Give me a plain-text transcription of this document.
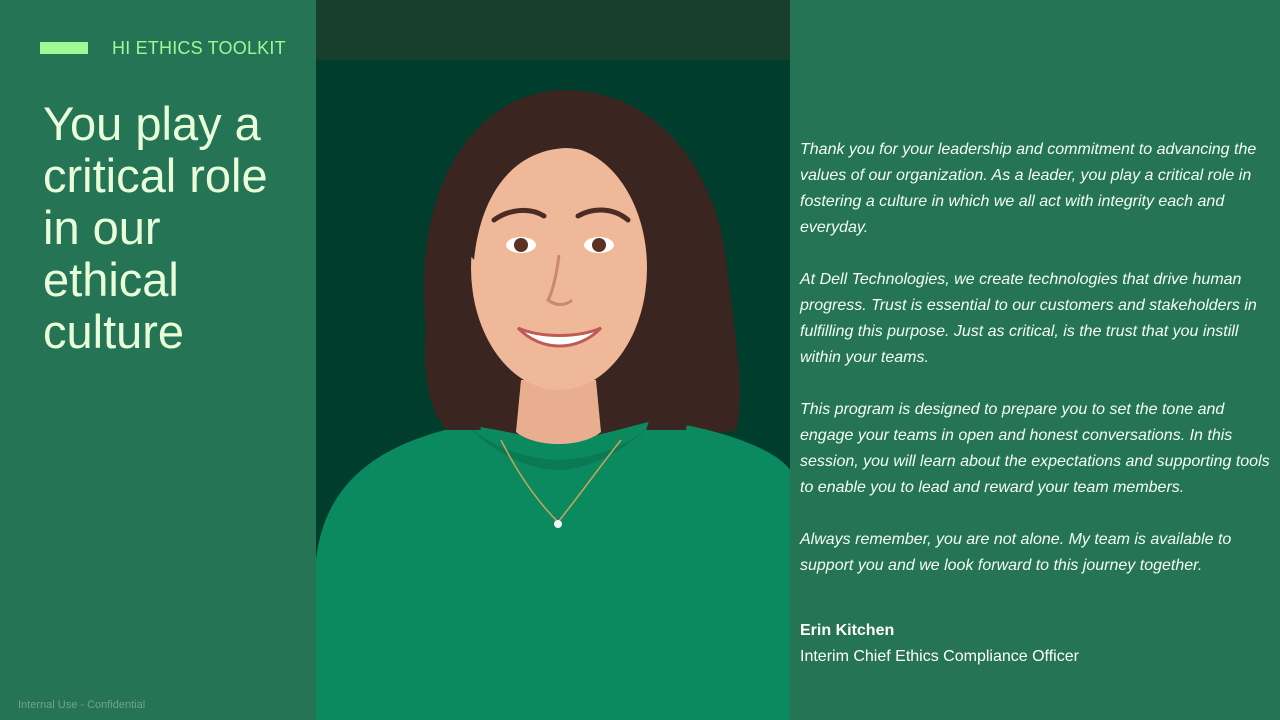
HI ETHICS TOOLKIT
You play a
critical role
in our
ethical
culture
Internal Use - Confidential

Thank you for your leadership and commitment to advancing the values of our organization. As a leader, you play a critical role in fostering a culture in which we all act with integrity each and everyday.

At Dell Technologies, we create technologies that drive human progress. Trust is essential to our customers and stakeholders in fulfilling this purpose. Just as critical, is the trust that you instill within your teams.

This program is designed to prepare you to set the tone and engage your teams in open and honest conversations. In this session, you will learn about the expectations and supporting tools to enable you to lead and reward your team members.

Always remember, you are not alone. My team is available to support you and we look forward to this journey together.

Erin Kitchen
Interim Chief Ethics Compliance Officer
